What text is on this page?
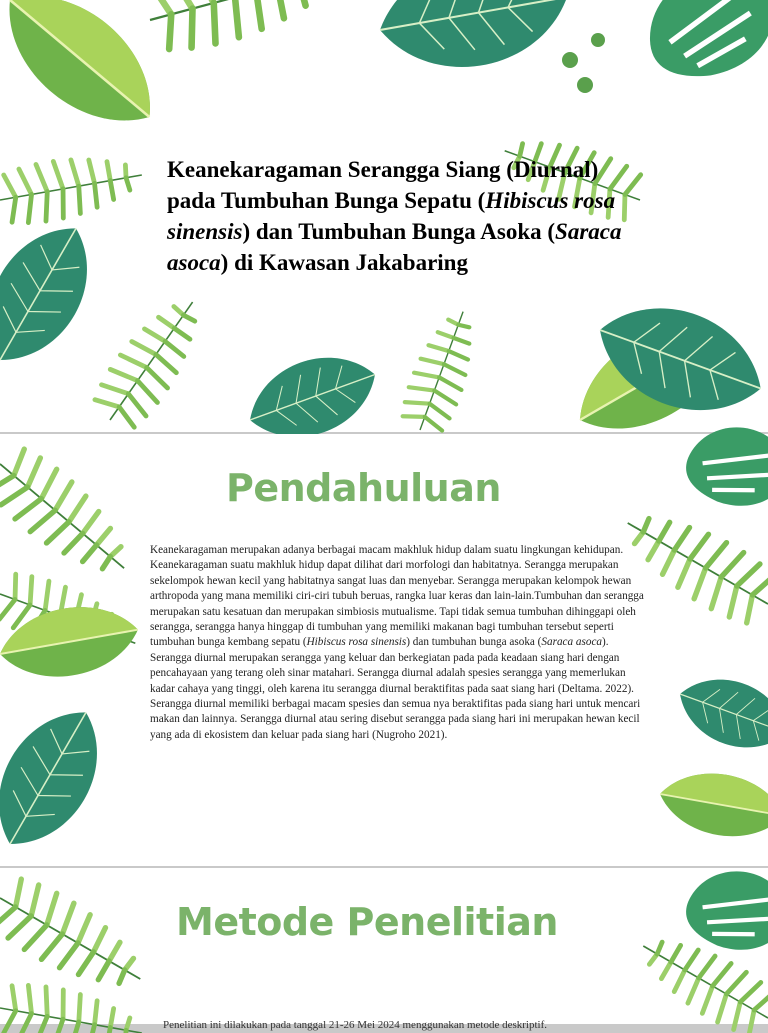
Keanekaragaman Serangga Siang (Diurnal) pada Tumbuhan Bunga Sepatu (Hibiscus rosa sinensis) dan Tumbuhan Bunga Asoka (Saraca asoca) di Kawasan Jakabaring
Pendahuluan

Keanekaragaman merupakan adanya berbagai macam makhluk hidup dalam suatu lingkungan kehidupan. Keanekaragaman suatu makhluk hidup dapat dilihat dari morfologi dan habitatnya. Serangga merupakan sekelompok hewan kecil yang habitatnya sangat luas dan menyebar. Serangga merupakan kelompok hewan arthropoda yang mana memiliki ciri-ciri tubuh beruas, rangka luar keras dan lain-lain.Tumbuhan dan serangga merupakan satu kesatuan dan merupakan simbiosis mutualisme. Tapi tidak semua tumbuhan dihinggapi oleh serangga, serangga hanya hinggap di tumbuhan yang memiliki makanan bagi tumbuhan tersebut seperti tumbuhan bunga kembang sepatu (Hibiscus rosa sinensis) dan tumbuhan bunga asoka (Saraca asoca). Serangga diurnal merupakan serangga yang keluar dan berkegiatan pada pada keadaan siang hari dengan pencahayaan yang terang oleh sinar matahari. Serangga diurnal adalah spesies serangga yang memerlukan kadar cahaya yang tinggi, oleh karena itu serangga diurnal beraktifitas pada saat siang hari (Deltama. 2022).

Serangga diurnal memiliki berbagai macam spesies dan semua nya beraktifitas pada siang hari untuk mencari makan dan lainnya. Serangga diurnal atau sering disebut serangga pada siang hari ini merupakan hewan kecil yang ada di ekosistem dan keluar pada siang hari (Nugroho 2021).

Metode Penelitian
Penelitian ini dilakukan pada tanggal 21-26 Mei 2024 menggunakan metode deskriptif.
